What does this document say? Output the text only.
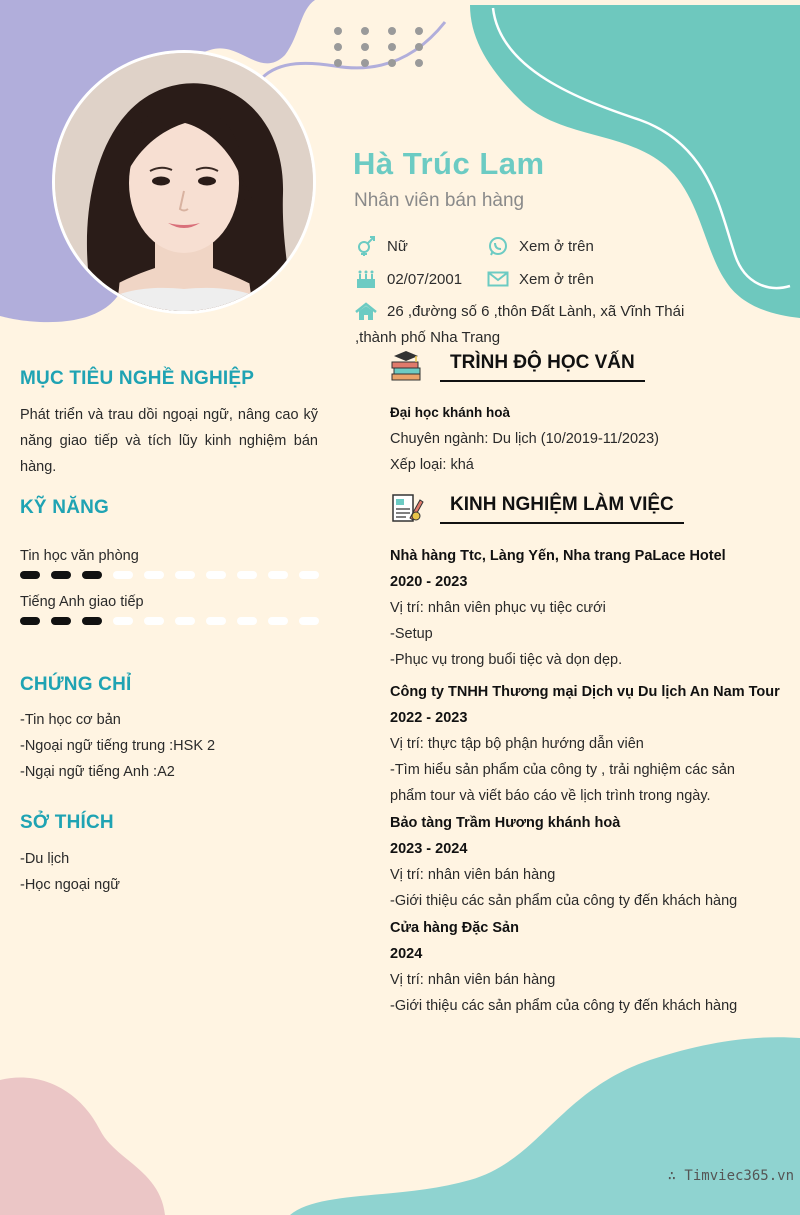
Hà Trúc Lam
Nhân viên bán hàng
Nữ	Xem ở trên
02/07/2001	Xem ở trên
26 ,đường số 6 ,thôn Đất Lành, xã Vĩnh Thái
,thành phố Nha Trang
MỤC TIÊU NGHỀ NGHIỆP
Phát triển và trau dồi ngoại ngữ, nâng cao kỹ năng giao tiếp và tích lũy kinh nghiệm bán hàng.
KỸ NĂNG
Tin học văn phòng
Tiếng Anh giao tiếp
CHỨNG CHỈ
-Tin học cơ bản
-Ngoại ngữ tiếng trung :HSK 2
-Ngại ngữ tiếng Anh :A2
SỞ THÍCH
-Du lịch
-Học ngoại ngữ
TRÌNH ĐỘ HỌC VẤN
Đại học khánh hoà
Chuyên ngành: Du lịch (10/2019-11/2023)
Xếp loại: khá
KINH NGHIỆM LÀM VIỆC
Nhà hàng Ttc, Làng Yến, Nha trang PaLace Hotel
2020 - 2023
Vị trí: nhân viên phục vụ tiệc cưới
-Setup
-Phục vụ trong buổi tiệc và dọn dẹp.
Công ty TNHH Thương mại Dịch vụ Du lịch An Nam Tour
2022 - 2023
Vị trí: thực tập bộ phận hướng dẫn viên
-Tìm hiểu sản phẩm của công ty , trải nghiệm các sản phẩm tour và viết báo cáo về lịch trình trong ngày.
Bảo tàng Trầm Hương khánh hoà
2023 - 2024
Vị trí: nhân viên bán hàng
-Giới thiệu các sản phẩm của công ty đến khách hàng
Cửa hàng Đặc Sản
2024
Vị trí: nhân viên bán hàng
-Giới thiệu các sản phẩm của công ty đến khách hàng
∴ Timviec365.vn
